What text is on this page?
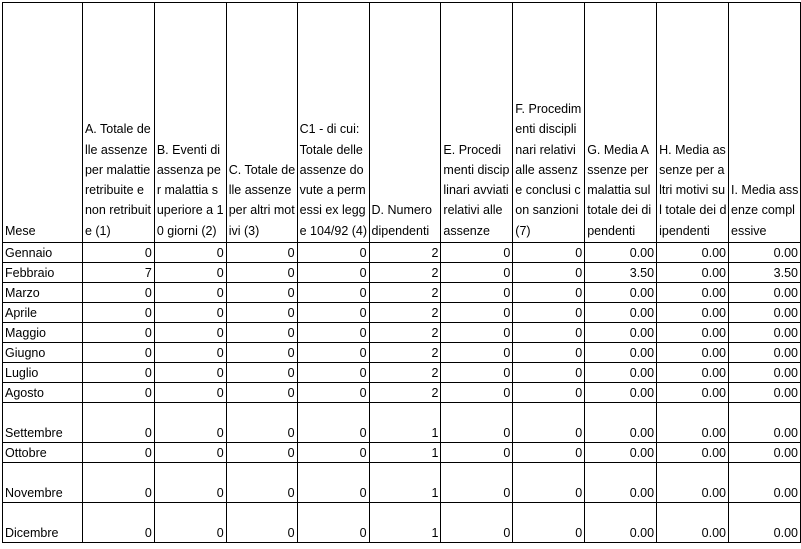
Mese	A. Totale delle assenze per malattie retribuite e non retribuite (1)	B. Eventi di assenza per malattia superiore a 10 giorni (2)	C. Totale delle assenze per altri motivi (3)	C1 - di cui: Totale delle assenze dovute a permessi ex legge 104/92 (4)	D. Numero dipendenti	E. Procedimenti disciplinari avviati relativi alle assenze	F. Procedimenti disciplinari relativi alle assenze conclusi con sanzioni (7)	G. Media Assenze per malattia sul totale dei dipendenti	H. Media assenze per altri motivi sul totale dei dipendenti	I. Media assenze complessive
Gennaio	0	0	0	0	2	0	0	0.00	0.00	0.00
Febbraio	7	0	0	0	2	0	0	3.50	0.00	3.50
Marzo	0	0	0	0	2	0	0	0.00	0.00	0.00
Aprile	0	0	0	0	2	0	0	0.00	0.00	0.00
Maggio	0	0	0	0	2	0	0	0.00	0.00	0.00
Giugno	0	0	0	0	2	0	0	0.00	0.00	0.00
Luglio	0	0	0	0	2	0	0	0.00	0.00	0.00
Agosto	0	0	0	0	2	0	0	0.00	0.00	0.00
Settembre	0	0	0	0	1	0	0	0.00	0.00	0.00
Ottobre	0	0	0	0	1	0	0	0.00	0.00	0.00
Novembre	0	0	0	0	1	0	0	0.00	0.00	0.00
Dicembre	0	0	0	0	1	0	0	0.00	0.00	0.00
